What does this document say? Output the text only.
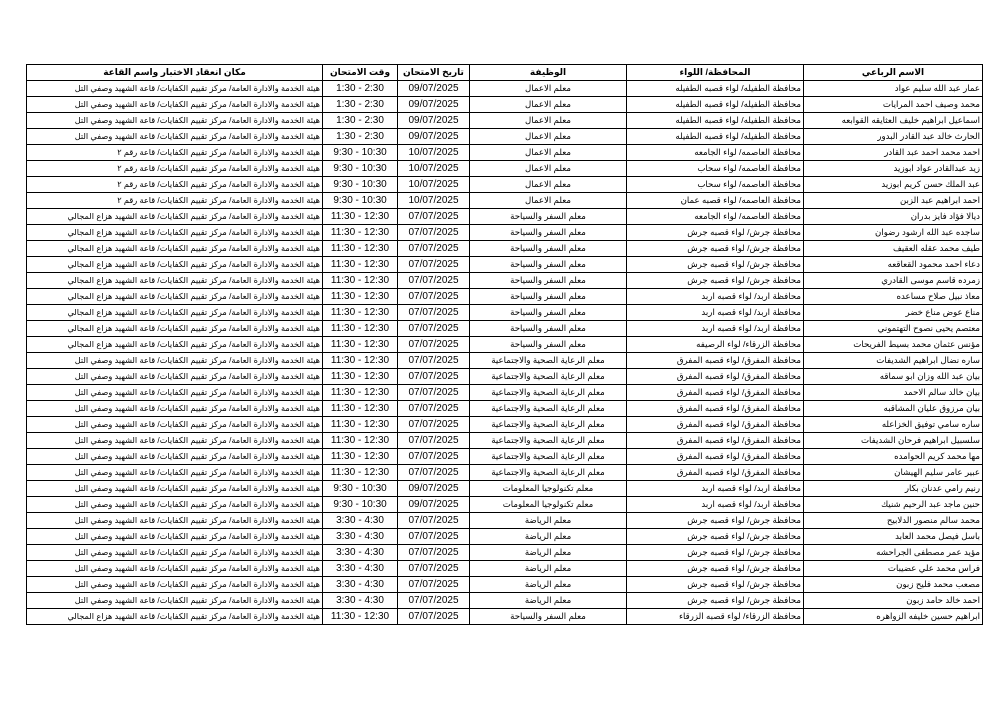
الاسم الرباعي	المحافظة/ اللواء	الوظيفة	تاريخ الامتحان	وقت الامتحان	مكان انعقاد الاختبار واسم القاعة
عمار عبد الله سليم عواد	محافظة الطفيله/ لواء قصبه الطفيله	معلم الاعمال	09/07/2025	1:30 - 2:30	هيئة الخدمة والادارة العامة/ مركز تقييم الكفايات/ قاعة الشهيد وصفي التل
محمد وصيف احمد المرايات	محافظة الطفيله/ لواء قصبه الطفيله	معلم الاعمال	09/07/2025	1:30 - 2:30	هيئة الخدمة والادارة العامة/ مركز تقييم الكفايات/ قاعة الشهيد وصفي التل
اسماعيل ابراهيم خليف العثايقه القوابعه	محافظة الطفيله/ لواء قصبه الطفيله	معلم الاعمال	09/07/2025	1:30 - 2:30	هيئة الخدمة والادارة العامة/ مركز تقييم الكفايات/ قاعة الشهيد وصفي التل
الحارث خالد عبد القادر البدور	محافظة الطفيله/ لواء قصبه الطفيله	معلم الاعمال	09/07/2025	1:30 - 2:30	هيئة الخدمة والادارة العامة/ مركز تقييم الكفايات/ قاعة الشهيد وصفي التل
احمد محمد احمد عبد القادر	محافظة العاصمه/ لواء الجامعه	معلم الاعمال	10/07/2025	9:30 - 10:30	هيئة الخدمة والادارة العامة/ مركز تقييم الكفايات/ قاعة رقم ٢
زيد عبدالقادر عواد ابوزيد	محافظة العاصمه/ لواء سحاب	معلم الاعمال	10/07/2025	9:30 - 10:30	هيئة الخدمة والادارة العامة/ مركز تقييم الكفايات/ قاعة رقم ٢
عبد الملك حسن كريم ابوزيد	محافظة العاصمه/ لواء سحاب	معلم الاعمال	10/07/2025	9:30 - 10:30	هيئة الخدمة والادارة العامة/ مركز تقييم الكفايات/ قاعة رقم ٢
احمد ابراهيم عبد الزبن	محافظة العاصمه/ لواء قصبه عمان	معلم الاعمال	10/07/2025	9:30 - 10:30	هيئة الخدمة والادارة العامة/ مركز تقييم الكفايات/ قاعة رقم ٢
ديالا فؤاد فايز بدران	محافظة العاصمه/ لواء الجامعه	معلم السفر والسياحة	07/07/2025	11:30 - 12:30	هيئة الخدمة والادارة العامة/ مركز تقييم الكفايات/ قاعة الشهيد هزاع المجالي
ساجده عبد الله ارشود رضوان	محافظة جرش/ لواء قصبه جرش	معلم السفر والسياحة	07/07/2025	11:30 - 12:30	هيئة الخدمة والادارة العامة/ مركز تقييم الكفايات/ قاعة الشهيد هزاع المجالي
طيف محمد عقله العقيف	محافظة جرش/ لواء قصبه جرش	معلم السفر والسياحة	07/07/2025	11:30 - 12:30	هيئة الخدمة والادارة العامة/ مركز تقييم الكفايات/ قاعة الشهيد هزاع المجالي
دعاء احمد محمود القعاقعه	محافظة جرش/ لواء قصبه جرش	معلم السفر والسياحة	07/07/2025	11:30 - 12:30	هيئة الخدمة والادارة العامة/ مركز تقييم الكفايات/ قاعة الشهيد هزاع المجالي
زمرده قاسم موسى القادري	محافظة جرش/ لواء قصبه جرش	معلم السفر والسياحة	07/07/2025	11:30 - 12:30	هيئة الخدمة والادارة العامة/ مركز تقييم الكفايات/ قاعة الشهيد هزاع المجالي
معاذ نبيل صلاح مساعده	محافظة اربد/ لواء قصبه اربد	معلم السفر والسياحة	07/07/2025	11:30 - 12:30	هيئة الخدمة والادارة العامة/ مركز تقييم الكفايات/ قاعة الشهيد هزاع المجالي
مناع عوض مناع خضر	محافظة اربد/ لواء قصبه اربد	معلم السفر والسياحة	07/07/2025	11:30 - 12:30	هيئة الخدمة والادارة العامة/ مركز تقييم الكفايات/ قاعة الشهيد هزاع المجالي
معتصم يحيى نصوح التهتموني	محافظة اربد/ لواء قصبه اربد	معلم السفر والسياحة	07/07/2025	11:30 - 12:30	هيئة الخدمة والادارة العامة/ مركز تقييم الكفايات/ قاعة الشهيد هزاع المجالي
مؤنس عثمان محمد بسيط الفريحات	محافظة الزرقاء/ لواء الرصيفه	معلم السفر والسياحة	07/07/2025	11:30 - 12:30	هيئة الخدمة والادارة العامة/ مركز تقييم الكفايات/ قاعة الشهيد هزاع المجالي
ساره نضال ابراهيم الشديفات	محافظة المفرق/ لواء قصبه المفرق	معلم الرعاية الصحية والاجتماعية	07/07/2025	11:30 - 12:30	هيئة الخدمة والادارة العامة/ مركز تقييم الكفايات/ قاعة الشهيد وصفي التل
بيان عبد الله وزان ابو سماقه	محافظة المفرق/ لواء قصبه المفرق	معلم الرعاية الصحية والاجتماعية	07/07/2025	11:30 - 12:30	هيئة الخدمة والادارة العامة/ مركز تقييم الكفايات/ قاعة الشهيد وصفي التل
بيان خالد سالم الاحمد	محافظة المفرق/ لواء قصبه المفرق	معلم الرعاية الصحية والاجتماعية	07/07/2025	11:30 - 12:30	هيئة الخدمة والادارة العامة/ مركز تقييم الكفايات/ قاعة الشهيد وصفي التل
بيان مرزوق عليان المشاقبه	محافظة المفرق/ لواء قصبه المفرق	معلم الرعاية الصحية والاجتماعية	07/07/2025	11:30 - 12:30	هيئة الخدمة والادارة العامة/ مركز تقييم الكفايات/ قاعة الشهيد وصفي التل
ساره سامي توفيق الخزاعله	محافظة المفرق/ لواء قصبه المفرق	معلم الرعاية الصحية والاجتماعية	07/07/2025	11:30 - 12:30	هيئة الخدمة والادارة العامة/ مركز تقييم الكفايات/ قاعة الشهيد وصفي التل
سلسبيل ابراهيم فرحان الشديفات	محافظة المفرق/ لواء قصبه المفرق	معلم الرعاية الصحية والاجتماعية	07/07/2025	11:30 - 12:30	هيئة الخدمة والادارة العامة/ مركز تقييم الكفايات/ قاعة الشهيد وصفي التل
مها محمد كريم الحوامده	محافظة المفرق/ لواء قصبه المفرق	معلم الرعاية الصحية والاجتماعية	07/07/2025	11:30 - 12:30	هيئة الخدمة والادارة العامة/ مركز تقييم الكفايات/ قاعة الشهيد وصفي التل
عبير عامر سليم الهيشان	محافظة المفرق/ لواء قصبه المفرق	معلم الرعاية الصحية والاجتماعية	07/07/2025	11:30 - 12:30	هيئة الخدمة والادارة العامة/ مركز تقييم الكفايات/ قاعة الشهيد وصفي التل
رنيم رامي عدنان بكار	محافظة اربد/ لواء قصبه اربد	معلم تكنولوجيا المعلومات	09/07/2025	9:30 - 10:30	هيئة الخدمة والادارة العامة/ مركز تقييم الكفايات/ قاعة الشهيد وصفي التل
حنين ماجد عبد الرحيم شنيك	محافظة اربد/ لواء قصبه اربد	معلم تكنولوجيا المعلومات	09/07/2025	9:30 - 10:30	هيئة الخدمة والادارة العامة/ مركز تقييم الكفايات/ قاعة الشهيد وصفي التل
محمد سالم منصور الدلابيح	محافظة جرش/ لواء قصبه جرش	معلم الرياضة	07/07/2025	3:30 - 4:30	هيئة الخدمة والادارة العامة/ مركز تقييم الكفايات/ قاعة الشهيد وصفي التل
باسل فيصل محمد العابد	محافظة جرش/ لواء قصبه جرش	معلم الرياضة	07/07/2025	3:30 - 4:30	هيئة الخدمة والادارة العامة/ مركز تقييم الكفايات/ قاعة الشهيد وصفي التل
مؤيد عمر مصطفى الجراحشه	محافظة جرش/ لواء قصبه جرش	معلم الرياضة	07/07/2025	3:30 - 4:30	هيئة الخدمة والادارة العامة/ مركز تقييم الكفايات/ قاعة الشهيد وصفي التل
فراس محمد علي عضيبات	محافظة جرش/ لواء قصبه جرش	معلم الرياضة	07/07/2025	3:30 - 4:30	هيئة الخدمة والادارة العامة/ مركز تقييم الكفايات/ قاعة الشهيد وصفي التل
مصعب محمد فليح زبون	محافظة جرش/ لواء قصبه جرش	معلم الرياضة	07/07/2025	3:30 - 4:30	هيئة الخدمة والادارة العامة/ مركز تقييم الكفايات/ قاعة الشهيد وصفي التل
احمد خالد حامد زبون	محافظة جرش/ لواء قصبه جرش	معلم الرياضة	07/07/2025	3:30 - 4:30	هيئة الخدمة والادارة العامة/ مركز تقييم الكفايات/ قاعة الشهيد وصفي التل
ابراهيم حسين خليفه الزواهره	محافظة الزرقاء/ لواء قصبه الزرقاء	معلم السفر والسياحة	07/07/2025	11:30 - 12:30	هيئة الخدمة والادارة العامة/ مركز تقييم الكفايات/ قاعة الشهيد هزاع المجالي
